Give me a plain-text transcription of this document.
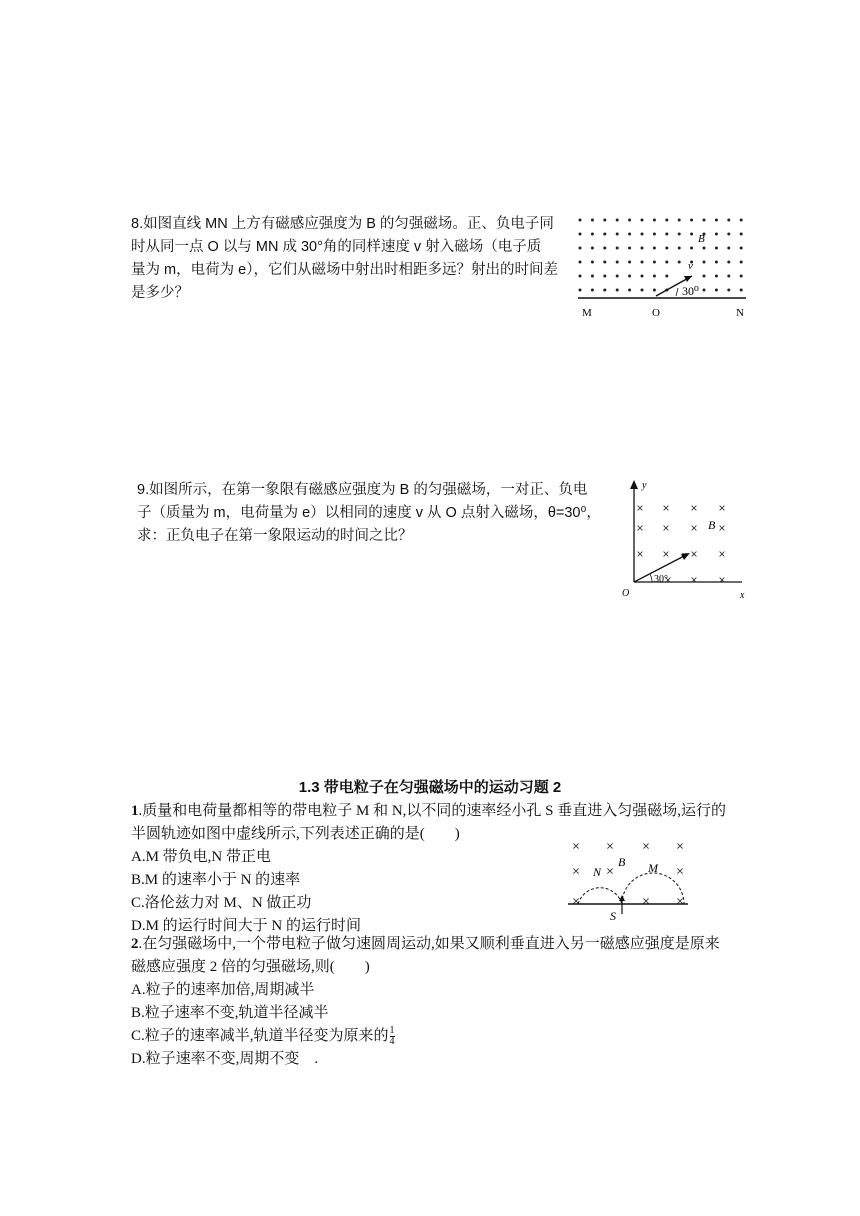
8.如图直线 MN 上方有磁感应强度为 B 的匀强磁场。正、负电子同
时从同一点 O 以与 MN 成 30°角的同样速度 v 射入磁场（电子质
量为 m，电荷为 e），它们从磁场中射出时相距多远？射出的时间差
是多少？
B
v
30⁰
M	O	N
9.如图所示，在第一象限有磁感应强度为 B 的匀强磁场，一对正、负电
子（质量为 m，电荷量为 e）以相同的速度 v 从 O 点射入磁场，θ=30⁰，
求：正负电子在第一象限运动的时间之比？
y
x
O
B
v
30°
1.3 带电粒子在匀强磁场中的运动习题 2
1.质量和电荷量都相等的带电粒子 M 和 N,以不同的速率经小孔 S 垂直进入匀强磁场,运行的
半圆轨迹如图中虚线所示,下列表述正确的是(　　)
A.M 带负电,N 带正电
B.M 的速率小于 N 的速率
C.洛伦兹力对 M、N 做正功
D.M 的运行时间大于 N 的运行时间
N
B M
S
2.在匀强磁场中,一个带电粒子做匀速圆周运动,如果又顺利垂直进入另一磁感应强度是原来
磁感应强度 2 倍的匀强磁场,则(　　)
A.粒子的速率加倍,周期减半
B.粒子速率不变,轨道半径减半
C.粒子的速率减半,轨道半径变为原来的 $\frac{1}{4}$
D.粒子速率不变,周期不变　.
